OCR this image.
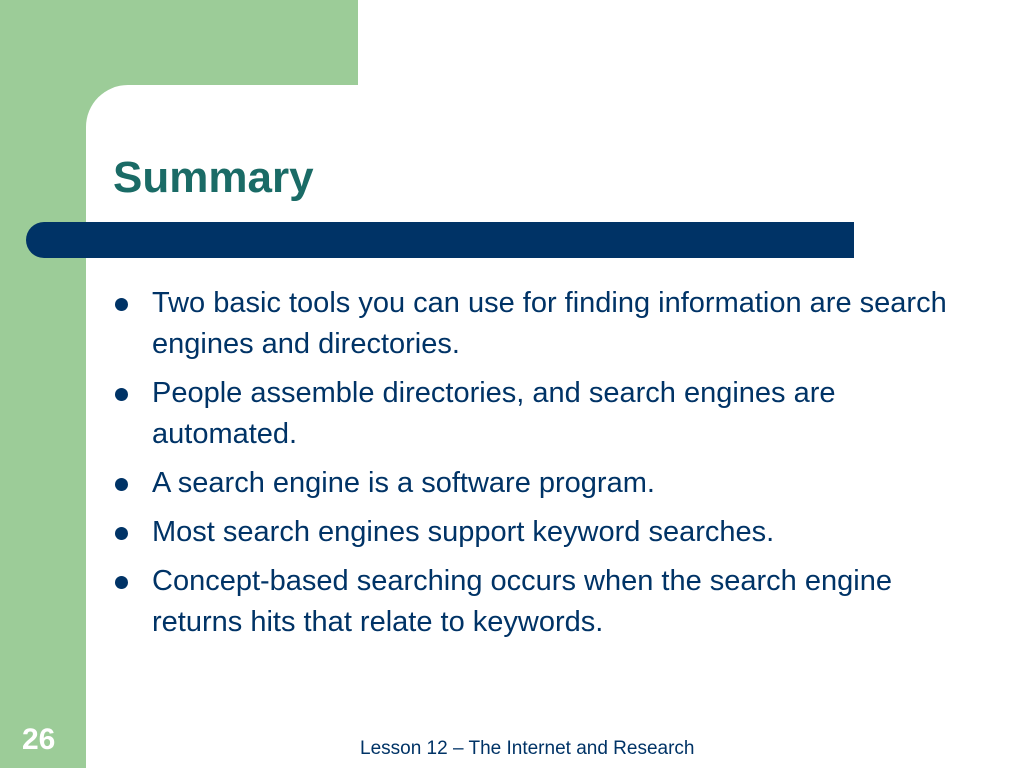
Summary
Two basic tools you can use for finding information are search engines and directories.
People assemble directories, and search engines are automated.
A search engine is a software program.
Most search engines support keyword searches.
Concept-based searching occurs when the search engine returns hits that relate to keywords.
26	Lesson 12 – The Internet and Research
